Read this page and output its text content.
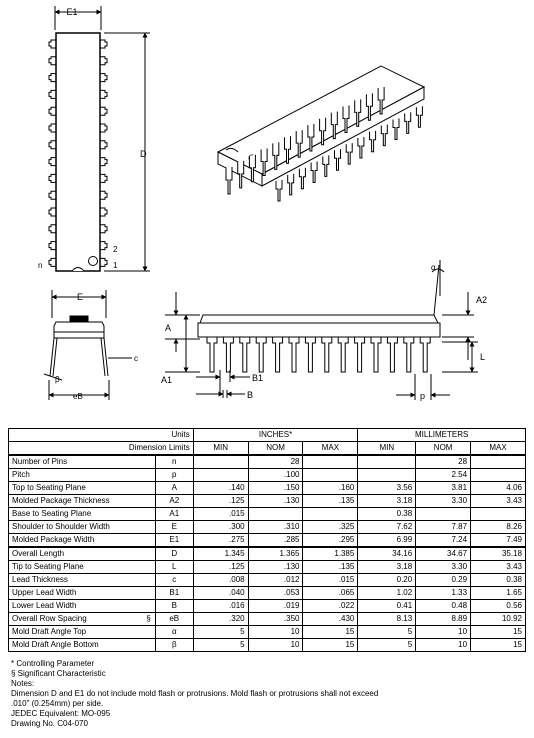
E1
D
n
2
1
E
c
β
eB
A
A1	B1
B
α
A2
L
p
Units		INCHES*			MILLIMETERS		
Dimension Limits		MIN	NOM	MAX	MIN	NOM	MAX
Number of Pins	n		28			28	
Pitch	p		.100			2.54	
Top to Seating Plane	A	.140	.150	.160	3.56	3.81	4.06
Molded Package Thickness	A2	.125	.130	.135	3.18	3.30	3.43
Base to Seating Plane	A1	.015			0.38		
Shoulder to Shoulder Width	E	.300	.310	.325	7.62	7.87	8.26
Molded Package Width	E1	.275	.285	.295	6.99	7.24	7.49
Overall Length	D	1.345	1.365	1.385	34.16	34.67	35.18
Tip to Seating Plane	L	.125	.130	.135	3.18	3.30	3.43
Lead Thickness	c	.008	.012	.015	0.20	0.29	0.38
Upper Lead Width	B1	.040	.053	.065	1.02	1.33	1.65
Lower Lead Width	B	.016	.019	.022	0.41	0.48	0.56
Overall Row Spacing §	eB	.320	.350	.430	8.13	8.89	10.92
Mold Draft Angle Top	α	5	10	15	5	10	15
Mold Draft Angle Bottom	β	5	10	15	5	10	15
* Controlling Parameter
§ Significant Characteristic
Notes:
Dimension D and E1 do not include mold flash or protrusions. Mold flash or protrusions shall not exceed
.010" (0.254mm) per side.
JEDEC Equivalent: MO-095
Drawing No. C04-070
